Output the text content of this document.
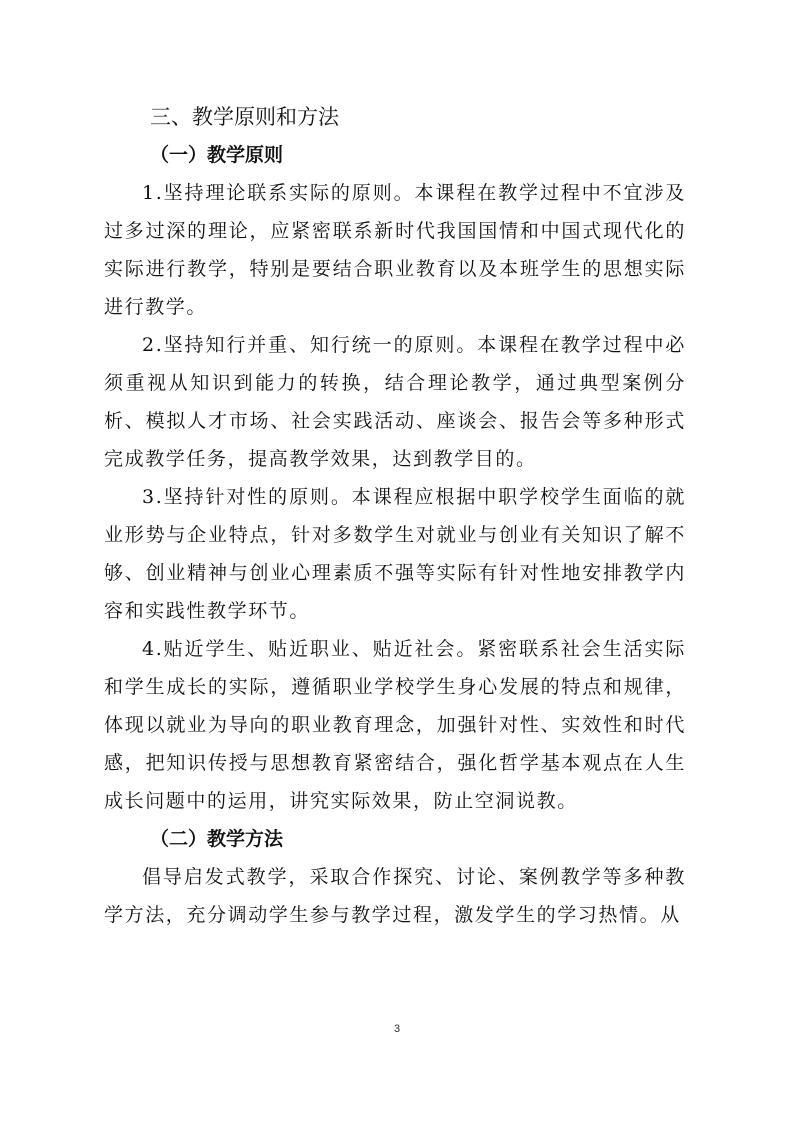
三、教学原则和方法
（一）教学原则

1.坚持理论联系实际的原则。本课程在教学过程中不宜涉及过多过深的理论，应紧密联系新时代我国国情和中国式现代化的实际进行教学，特别是要结合职业教育以及本班学生的思想实际进行教学。

2.坚持知行并重、知行统一的原则。本课程在教学过程中必须重视从知识到能力的转换，结合理论教学，通过典型案例分析、模拟人才市场、社会实践活动、座谈会、报告会等多种形式完成教学任务，提高教学效果，达到教学目的。

3.坚持针对性的原则。本课程应根据中职学校学生面临的就业形势与企业特点，针对多数学生对就业与创业有关知识了解不够、创业精神与创业心理素质不强等实际有针对性地安排教学内容和实践性教学环节。

4.贴近学生、贴近职业、贴近社会。紧密联系社会生活实际和学生成长的实际，遵循职业学校学生身心发展的特点和规律，体现以就业为导向的职业教育理念，加强针对性、实效性和时代感，把知识传授与思想教育紧密结合，强化哲学基本观点在人生成长问题中的运用，讲究实际效果，防止空洞说教。

（二）教学方法

倡导启发式教学，采取合作探究、讨论、案例教学等多种教学方法，充分调动学生参与教学过程，激发学生的学习热情。从

3
